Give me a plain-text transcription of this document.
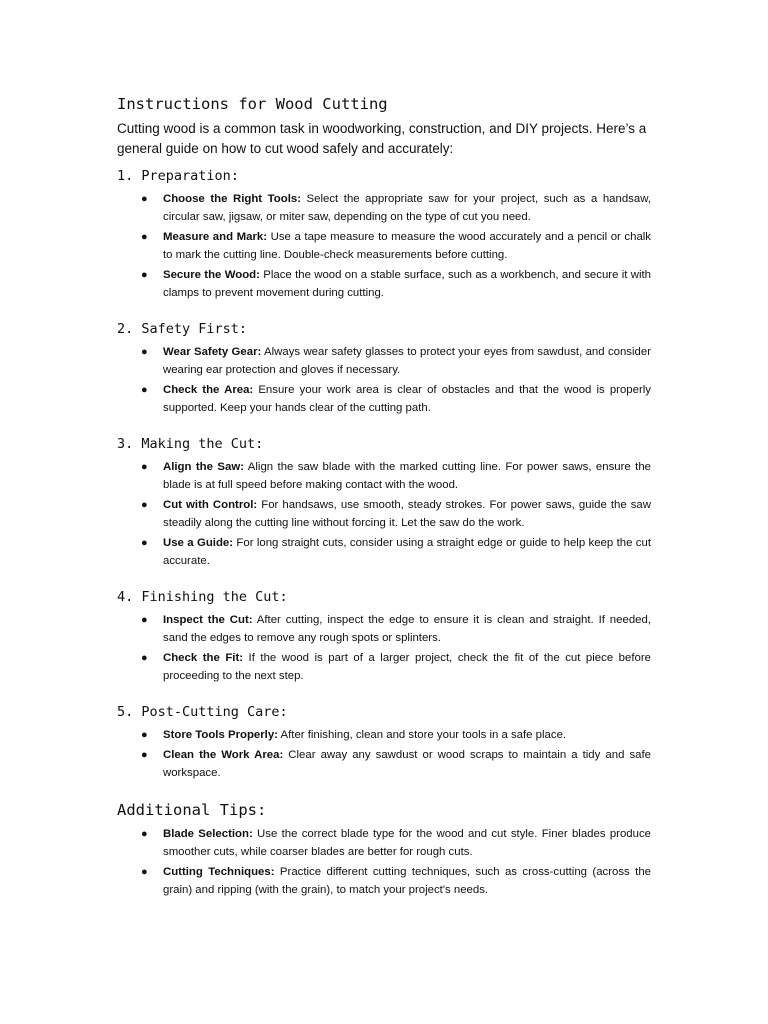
Instructions for Wood Cutting

Cutting wood is a common task in woodworking, construction, and DIY projects. Here’s a general guide on how to cut wood safely and accurately:

1. Preparation:
● Choose the Right Tools: Select the appropriate saw for your project, such as a handsaw, circular saw, jigsaw, or miter saw, depending on the type of cut you need.
● Measure and Mark: Use a tape measure to measure the wood accurately and a pencil or chalk to mark the cutting line. Double-check measurements before cutting.
● Secure the Wood: Place the wood on a stable surface, such as a workbench, and secure it with clamps to prevent movement during cutting.
2. Safety First:
● Wear Safety Gear: Always wear safety glasses to protect your eyes from sawdust, and consider wearing ear protection and gloves if necessary.
● Check the Area: Ensure your work area is clear of obstacles and that the wood is properly supported. Keep your hands clear of the cutting path.
3. Making the Cut:
● Align the Saw: Align the saw blade with the marked cutting line. For power saws, ensure the blade is at full speed before making contact with the wood.
● Cut with Control: For handsaws, use smooth, steady strokes. For power saws, guide the saw steadily along the cutting line without forcing it. Let the saw do the work.
● Use a Guide: For long straight cuts, consider using a straight edge or guide to help keep the cut accurate.
4. Finishing the Cut:
● Inspect the Cut: After cutting, inspect the edge to ensure it is clean and straight. If needed, sand the edges to remove any rough spots or splinters.
● Check the Fit: If the wood is part of a larger project, check the fit of the cut piece before proceeding to the next step.
5. Post-Cutting Care:
● Store Tools Properly: After finishing, clean and store your tools in a safe place.
● Clean the Work Area: Clear away any sawdust or wood scraps to maintain a tidy and safe workspace.
Additional Tips:
● Blade Selection: Use the correct blade type for the wood and cut style. Finer blades produce smoother cuts, while coarser blades are better for rough cuts.
● Cutting Techniques: Practice different cutting techniques, such as cross-cutting (across the grain) and ripping (with the grain), to match your project's needs.
